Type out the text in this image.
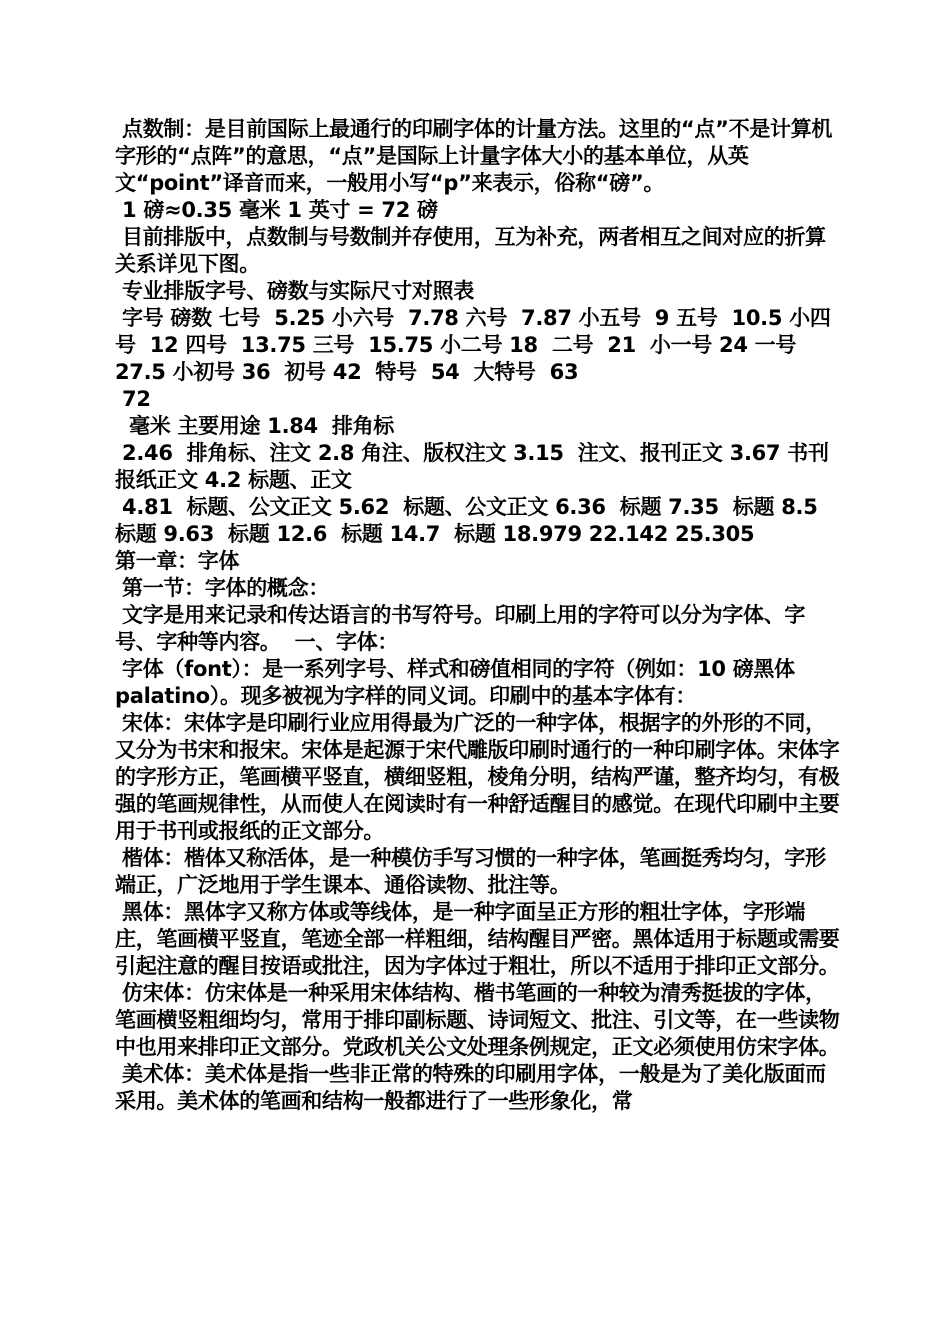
点数制：是目前国际上最通行的印刷字体的计量方法。这里的“点”不是计算机字形的“点阵”的意思，“点”是国际上计量字体大小的基本单位，从英文“point”译音而来，一般用小写“p”来表示，俗称“磅”。

1 磅≈0.35 毫米 1 英寸 = 72 磅

目前排版中，点数制与号数制并存使用，互为补充，两者相互之间对应的折算关系详见下图。

专业排版字号、磅数与实际尺寸对照表

字号 磅数 七号  5.25 小六号  7.78 六号  7.87 小五号  9 五号  10.5 小四号  12 四号  13.75 三号  15.75 小二号 18  二号  21  小一号 24 一号 27.5 小初号 36  初号 42  特号  54  大特号  63

72

毫米 主要用途 1.84  排角标

2.46  排角标、注文 2.8 角注、版权注文 3.15  注文、报刊正文 3.67 书刊报纸正文 4.2 标题、正文

4.81  标题、公文正文 5.62  标题、公文正文 6.36  标题 7.35  标题 8.5 标题 9.63  标题 12.6  标题 14.7  标题 18.979 22.142 25.305

第一章：字体

第一节：字体的概念：

文字是用来记录和传达语言的书写符号。印刷上用的字符可以分为字体、字号、字种等内容。  一、字体：

字体（font）：是一系列字号、样式和磅值相同的字符（例如：10 磅黑体 palatino）。现多被视为字样的同义词。印刷中的基本字体有：

宋体：宋体字是印刷行业应用得最为广泛的一种字体，根据字的外形的不同，又分为书宋和报宋。宋体是起源于宋代雕版印刷时通行的一种印刷字体。宋体字的字形方正，笔画横平竖直，横细竖粗，棱角分明，结构严谨，整齐均匀，有极强的笔画规律性，从而使人在阅读时有一种舒适醒目的感觉。在现代印刷中主要用于书刊或报纸的正文部分。

楷体：楷体又称活体，是一种模仿手写习惯的一种字体，笔画挺秀均匀，字形端正，广泛地用于学生课本、通俗读物、批注等。

黑体：黑体字又称方体或等线体，是一种字面呈正方形的粗壮字体，字形端庄，笔画横平竖直，笔迹全部一样粗细，结构醒目严密。黑体适用于标题或需要引起注意的醒目按语或批注，因为字体过于粗壮，所以不适用于排印正文部分。

仿宋体：仿宋体是一种采用宋体结构、楷书笔画的一种较为清秀挺拔的字体，笔画横竖粗细均匀，常用于排印副标题、诗词短文、批注、引文等，在一些读物中也用来排印正文部分。党政机关公文处理条例规定，正文必须使用仿宋字体。

美术体：美术体是指一些非正常的特殊的印刷用字体，一般是为了美化版面而采用。美术体的笔画和结构一般都进行了一些形象化，常
